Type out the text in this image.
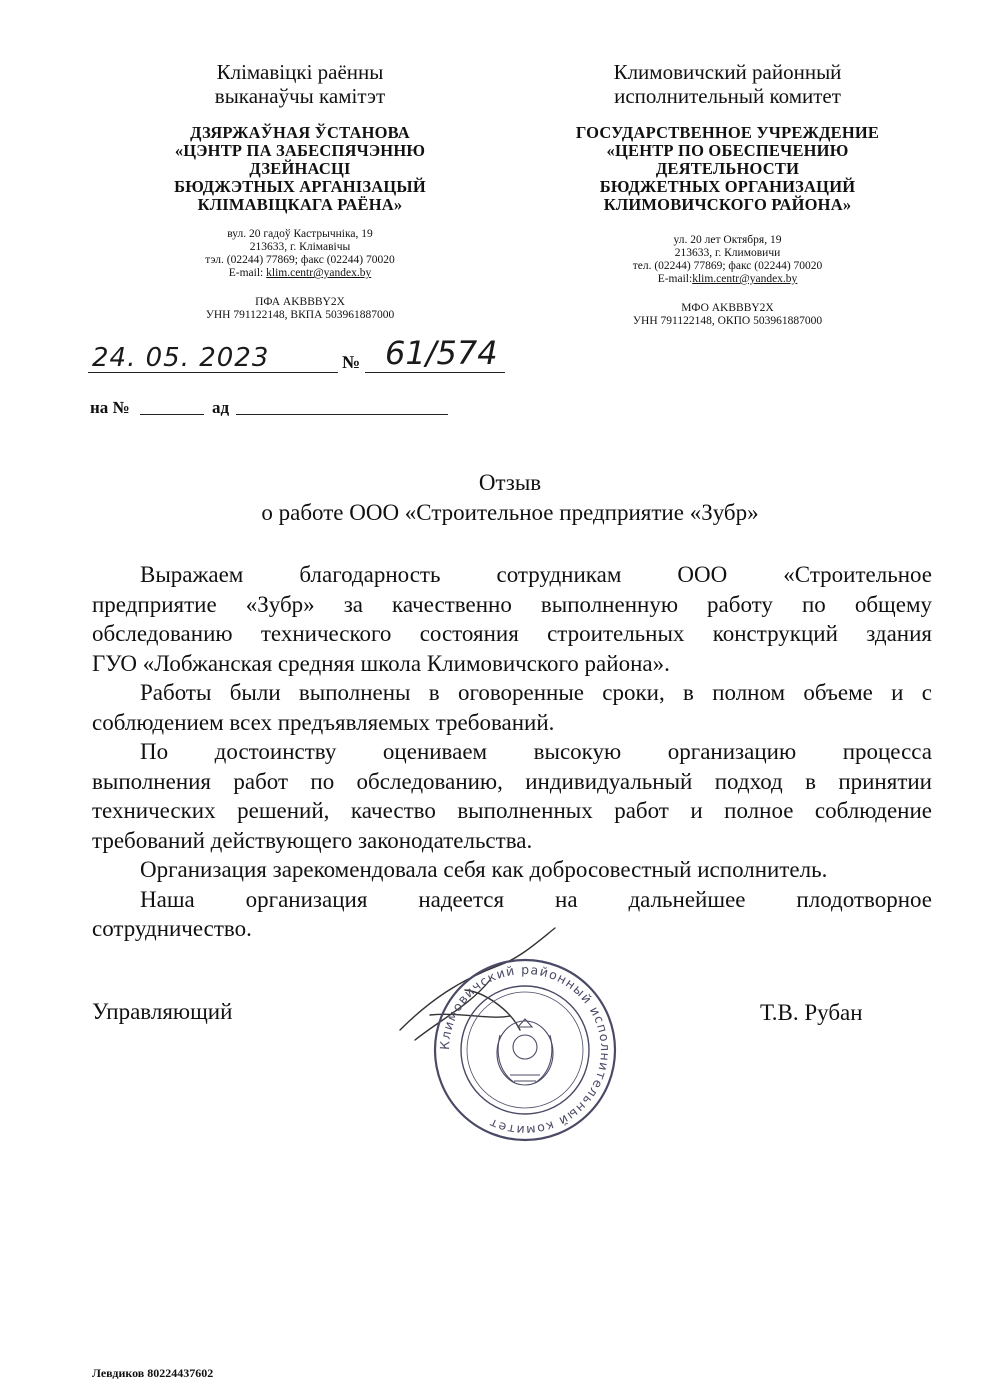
Клімавіцкі раённы
выканаўчы камітэт
ДЗЯРЖАЎНАЯ ЎСТАНОВА
«ЦЭНТР ПА ЗАБЕСПЯЧЭННЮ
ДЗЕЙНАСЦІ
БЮДЖЭТНЫХ АРГАНІЗАЦЫЙ
КЛІМАВІЦКАГА РАЁНА»
вул. 20 гадоў Кастрычніка, 19
213633, г. Клімавічы
тэл. (02244) 77869; факс (02244) 70020
E-mail: klim.centr@yandex.by
ПФА AKBBBY2X
УНН 791122148, ВКПА 503961887000
Климовичский районный
исполнительный комитет
ГОСУДАРСТВЕННОЕ УЧРЕЖДЕНИЕ
«ЦЕНТР ПО ОБЕСПЕЧЕНИЮ
ДЕЯТЕЛЬНОСТИ
БЮДЖЕТНЫХ ОРГАНИЗАЦИЙ
КЛИМОВИЧСКОГО РАЙОНА»
ул. 20 лет Октября, 19
213633, г. Климовичи
тел. (02244) 77869; факс (02244) 70020
E-mail:klim.centr@yandex.by
МФО AKBBBY2X
УНН 791122148, ОКПО 503961887000
24. 05. 2023	№ 61/574
на №	ад
Отзыв
о работе ООО «Строительное предприятие «Зубр»
Выражаем благодарность сотрудникам ООО «Строительное
предприятие «Зубр» за качественно выполненную работу по общему
обследованию технического состояния строительных конструкций здания
ГУО «Лобжанская средняя школа Климовичского района».
Работы были выполнены в оговоренные сроки, в полном объеме и с
соблюдением всех предъявляемых требований.
По достоинству оцениваем высокую организацию процесса
выполнения работ по обследованию, индивидуальный подход в принятии
технических решений, качество выполненных работ и полное соблюдение
требований действующего законодательства.
Организация зарекомендовала себя как добросовестный исполнитель.
Наша организация надеется на дальнейшее плодотворное
сотрудничество.
Управляющий	Т.В. Рубан
Климовичский районный исполнительный комитет
Левдиков 80224437602
